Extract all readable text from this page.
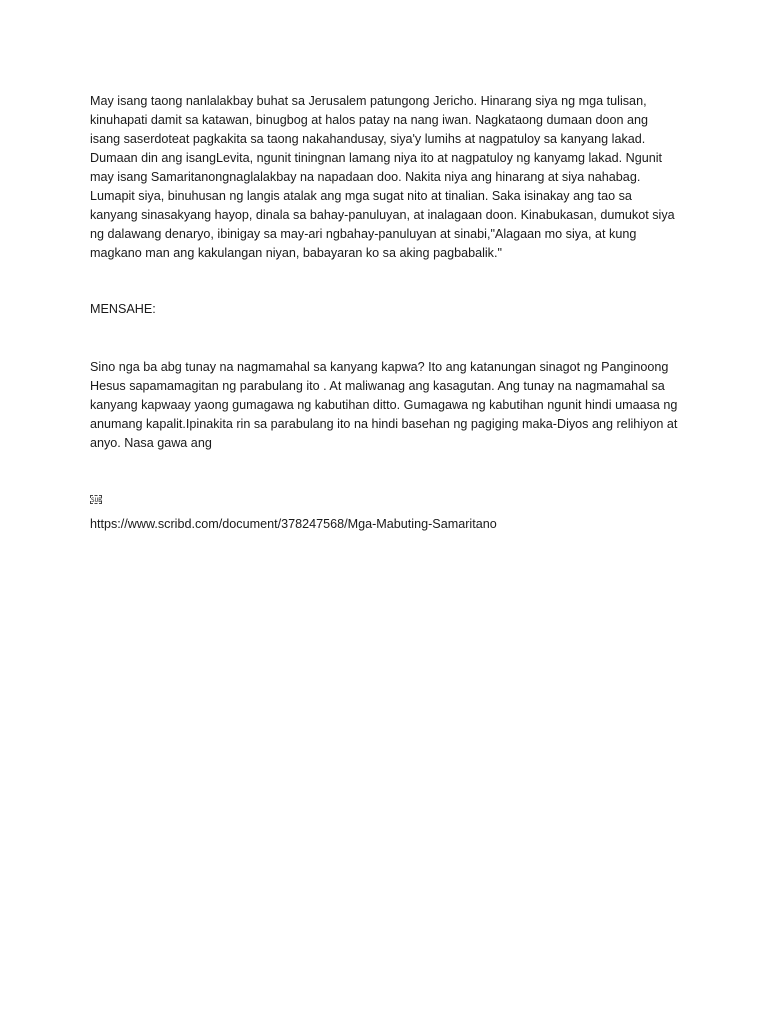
May isang taong nanlalakbay buhat sa Jerusalem patungong Jericho. Hinarang siya ng mga tulisan, kinuhapati damit sa katawan, binugbog at halos patay na nang iwan. Nagkataong dumaan doon ang isang saserdoteat pagkakita sa taong nakahandusay, siya'y lumihs at nagpatuloy sa kanyang lakad. Dumaan din ang isangLevita, ngunit tiningnan lamang niya ito at nagpatuloy ng kanyamg lakad. Ngunit may isang Samaritanongnaglalakbay na napadaan doo. Nakita niya ang hinarang at siya nahabag. Lumapit siya, binuhusan ng langis atalak ang mga sugat nito at tinalian. Saka isinakay ang tao sa kanyang sinasakyang hayop, dinala sa bahay-panuluyan, at inalagaan doon. Kinabukasan, dumukot siya ng dalawang denaryo, ibinigay sa may-ari ngbahay-panuluyan at sinabi,"Alagaan mo siya, at kung magkano man ang kakulangan niyan, babayaran ko sa aking pagbabalik."

MENSAHE:

Sino nga ba abg tunay na nagmamahal sa kanyang kapwa? Ito ang katanungan sinagot ng Panginoong Hesus sapamamagitan ng parabulang ito . At maliwanag ang kasagutan. Ang tunay na nagmamahal sa kanyang kapwaay yaong gumagawa ng kabutihan ditto. Gumagawa ng kabutihan ngunit hindi umaasa ng anumang kapalit.Ipinakita rin sa parabulang ito na hindi basehan ng pagiging maka-Diyos ang relihiyon at anyo. Nasa gawa ang

SUB
https://www.scribd.com/document/378247568/Mga-Mabuting-Samaritano
